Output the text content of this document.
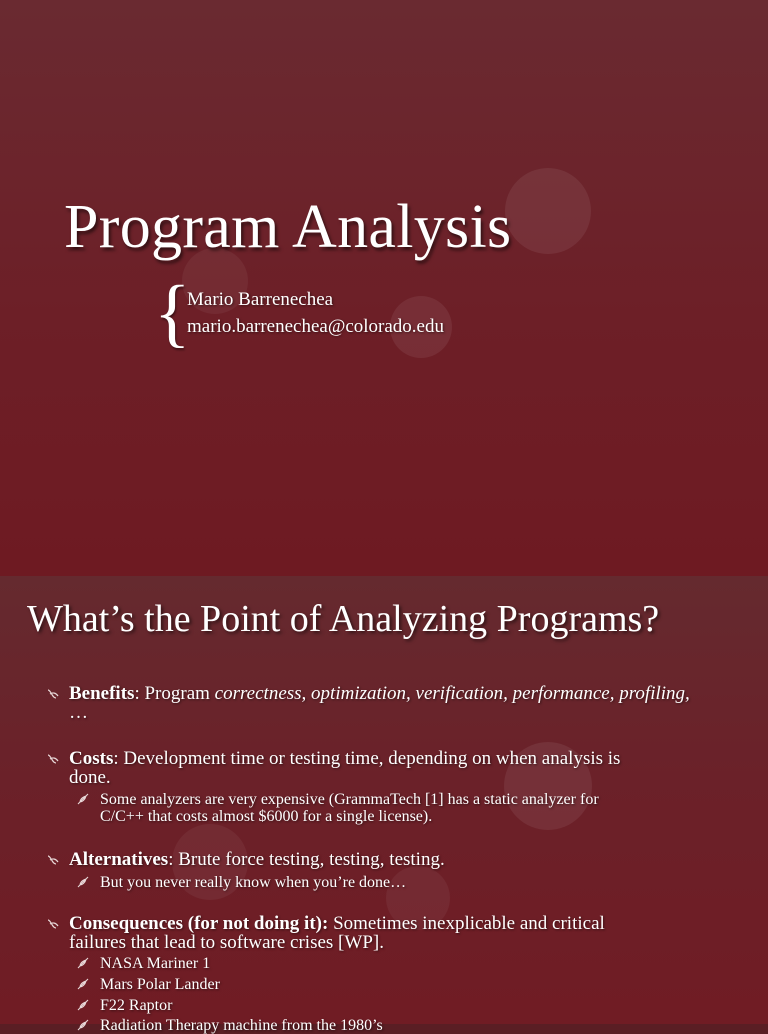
Program Analysis
{
Mario Barrenechea
mario.barrenechea@colorado.edu
What’s the Point of Analyzing Programs?
Benefits: Program correctness, optimization, verification, performance, profiling,
…
Costs: Development time or testing time, depending on when analysis is
done.
Some analyzers are very expensive (GrammaTech [1] has a static analyzer for
C/C++ that costs almost $6000 for a single license).
Alternatives: Brute force testing, testing, testing.
But you never really know when you’re done…
Consequences (for not doing it): Sometimes inexplicable and critical
failures that lead to software crises [WP].
NASA Mariner 1
Mars Polar Lander
F22 Raptor
Radiation Therapy machine from the 1980’s
